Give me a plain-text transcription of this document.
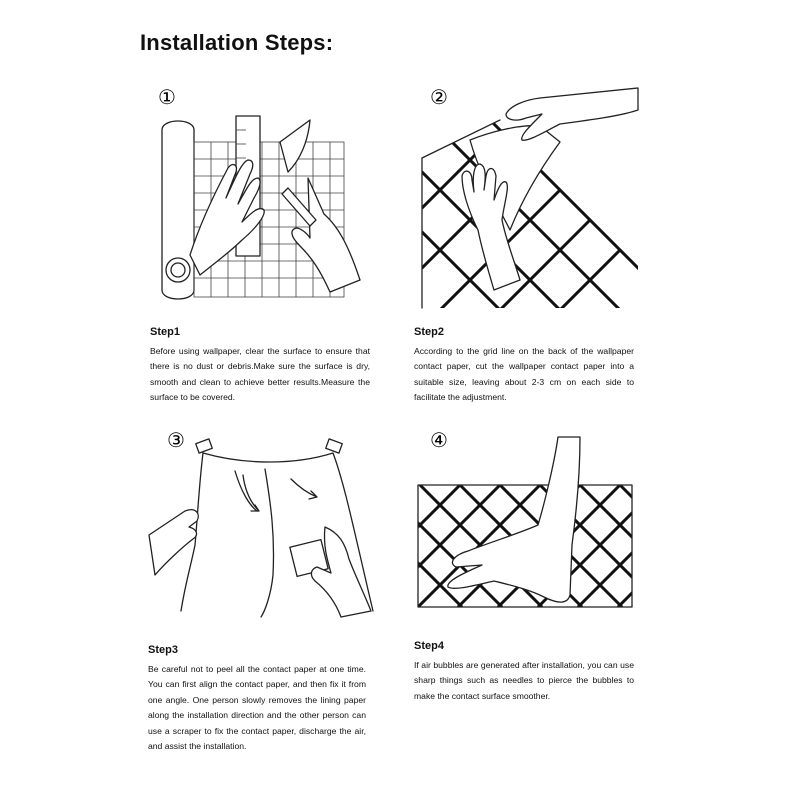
Installation Steps:
①	②
Step1
Before using wallpaper, clear the surface to ensure that there is no dust or debris.Make sure the surface is dry, smooth and clean to achieve better results.Measure the surface to be covered.
Step2
According to the grid line on the back of the wallpaper contact paper, cut the wallpaper contact paper into a suitable size, leaving about 2-3 cm on each side to facilitate the adjustment.
③	④
Step3
Be careful not to peel all the contact paper at one time. You can first align the contact paper, and then fix it from one angle. One person slowly removes the lining paper along the installation direction and the other person can use a scraper to fix the contact paper, discharge the air, and assist the installation.
Step4
If air bubbles are generated after installation, you can use sharp things such as needles to pierce the bubbles to make the contact surface smoother.
